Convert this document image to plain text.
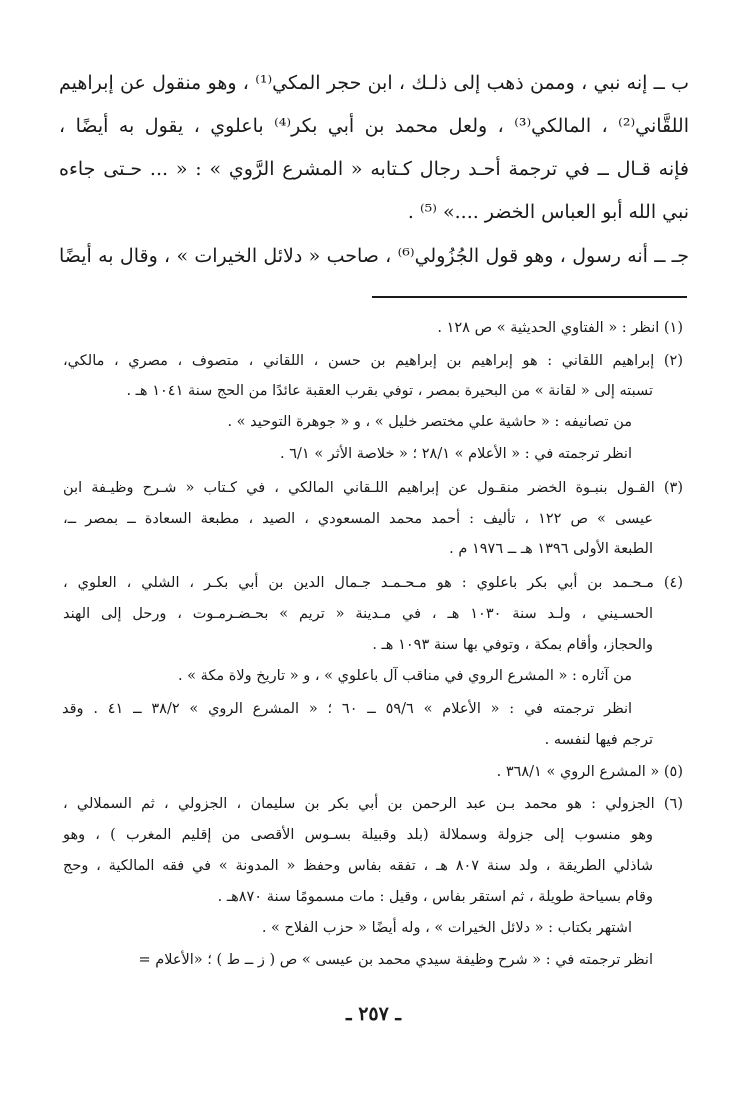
ب ــ إنه نبي ، وممن ذهب إلى ذلـك ، ابن حجر المكي⁽¹⁾ ، وهو منقول عن إبراهيم
اللقَّاني⁽²⁾ ، المالكي⁽³⁾ ، ولعل محمد بن أبي بكر⁽⁴⁾ باعلوي ، يقول به أيضًا ،
فإنه قـال ــ في ترجمة أحـد رجال كـتابه « المشرع الرَّوي » : « ... حـتى جاءه
نبي الله أبو العباس الخضر ....» ⁽⁵⁾ .
جـ ــ أنه رسول ، وهو قول الجُزُولي⁽⁶⁾ ، صاحب « دلائل الخيرات » ، وقال به أيضًا
(١) انظر : « الفتاوي الحديثية » ص ١٢٨ .
(٢) إبراهيم اللقاني : هو إبراهيم بن إبراهيم بن حسن ، اللقاني ، متصوف ، مصري ، مالكي،
تسبته إلى « لقانة » من البحيرة بمصر ، توفي بقرب العقبة عائدًا من الحج سنة ١٠٤١ هـ .
من تصانيفه : « حاشية علي مختصر خليل » ، و « جوهرة التوحيد » .
انظر ترجمته في : « الأعلام » ٢٨/١ ؛ « خلاصة الأثر » ٦/١ .
(٣) القـول بنبـوة الخضر منقـول عن إبراهيم اللـقاني المالكي ، في كـتاب « شـرح وظيـفة ابن
عيسى » ص ١٢٢ ، تأليف : أحمد محمد المسعودي ، الصيد ، مطبعة السعادة ــ بمصر ــ،
الطبعة الأولى ١٣٩٦ هـ ــ ١٩٧٦ م .
(٤) مـحـمد بن أبي بكر باعلوي : هو مـحـمـد جـمال الدين بن أبي بكـر ، الشلي ، العلوي ،
الحسـيني ، ولـد سنة ١٠٣٠ هـ ، في مـدينة « تريم » بحـضـرمـوت ، ورحل إلى الهند
والحجاز، وأقام بمكة ، وتوفي بها سنة ١٠٩٣ هـ .
من آثاره : « المشرع الروي في مناقب آل باعلوي » ، و « تاريخ ولاة مكة » .
انظر ترجمته في : « الأعلام » ٥٩/٦ ــ ٦٠ ؛ « المشرع الروي » ٣٨/٢ ــ ٤١ . وقد
ترجم فيها لنفسه .
(٥) « المشرع الروي » ٣٦٨/١ .
(٦) الجزولي : هو محمد بـن عبد الرحمن بن أبي بكر بن سليمان ، الجزولي ، ثم السملالي ،
وهو منسوب إلى جزولة وسملالة (بلد وقبيلة بسـوس الأقصى من إقليم المغرب ) ، وهو
شاذلي الطريقة ، ولد سنة ٨٠٧ هـ ، تفقه بفاس وحفظ « المدونة » في فقه المالكية ، وحج
وقام بسياحة طويلة ، ثم استقر بفاس ، وقيل : مات مسمومًا سنة ٨٧٠هـ .
اشتهر بكتاب : « دلائل الخيرات » ، وله أيضًا « حزب الفلاح » .
انظر ترجمته في : « شرح وظيفة سيدي محمد بن عيسى » ص ( ز ــ ط ) ؛ «الأعلام =
ـ ٢٥٧ ـ
